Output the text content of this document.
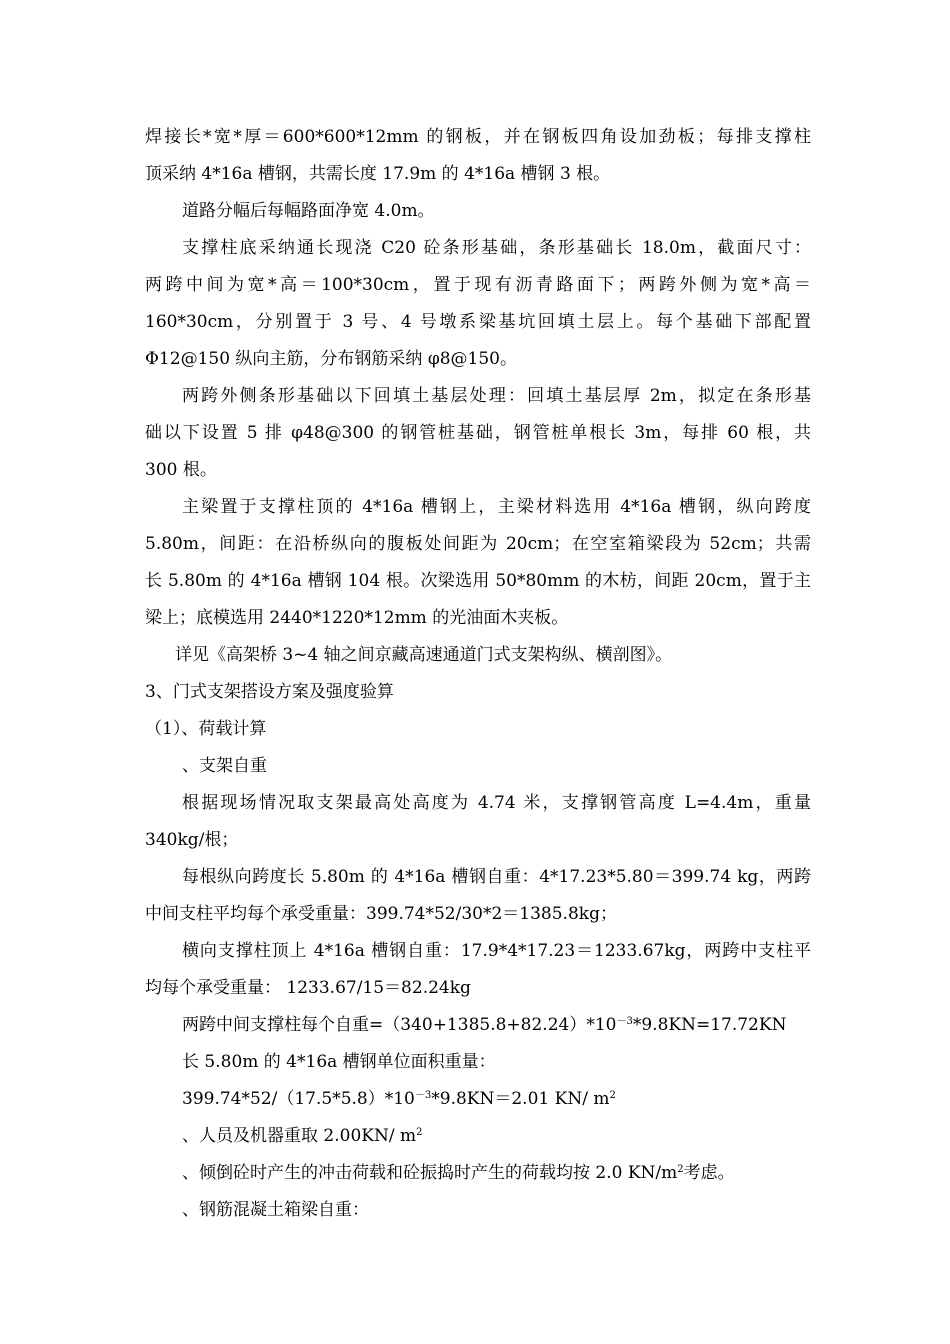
焊接长*宽*厚＝600*600*12mm 的钢板，并在钢板四角设加劲板；每排支撑柱
顶采纳 4*16a 槽钢，共需长度 17.9m 的 4*16a 槽钢 3 根。
道路分幅后每幅路面净宽 4.0m。
支撑柱底采纳通长现浇 C20 砼条形基础，条形基础长 18.0m，截面尺寸：
两跨中间为宽*高＝100*30cm，置于现有沥青路面下；两跨外侧为宽*高＝
160*30cm，分别置于 3 号、4 号墩系梁基坑回填土层上。每个基础下部配置
Φ12@150 纵向主筋，分布钢筋采纳 φ8@150。
两跨外侧条形基础以下回填土基层处理：回填土基层厚 2m，拟定在条形基
础以下设置 5 排 φ48@300 的钢管桩基础，钢管桩单根长 3m，每排 60 根，共
300 根。
主梁置于支撑柱顶的 4*16a 槽钢上，主梁材料选用 4*16a 槽钢，纵向跨度
5.80m，间距：在沿桥纵向的腹板处间距为 20cm；在空室箱梁段为 52cm；共需
长 5.80m 的 4*16a 槽钢 104 根。次梁选用 50*80mm 的木枋，间距 20cm，置于主
梁上；底模选用 2440*1220*12mm 的光油面木夹板。
详见《高架桥 3~4 轴之间京藏高速通道门式支架构纵、横剖图》。
3、门式支架搭设方案及强度验算
（1）、荷载计算
、支架自重
根据现场情况取支架最高处高度为 4.74 米，支撑钢管高度 L=4.4m，重量
340kg/根；
每根纵向跨度长 5.80m 的 4*16a 槽钢自重：4*17.23*5.80＝399.74 kg，两跨
中间支柱平均每个承受重量：399.74*52/30*2＝1385.8kg；
横向支撑柱顶上 4*16a 槽钢自重：17.9*4*17.23＝1233.67kg，两跨中支柱平
均每个承受重量： 1233.67/15＝82.24kg
两跨中间支撑柱每个自重$=(340+1385.8+82.24)*10^{-3}*9.8KN=17.72KN$
长 5.80m 的 4*16a 槽钢单位面积重量：
$399.74*52/(17.5*5.8)*10^{-3}*9.8KN=2.01$ KN/ $m^2$
、人员及机器重取 2.00KN/ $m^2$
、倾倒砼时产生的冲击荷载和砼振捣时产生的荷载均按 2.0 $KN/m^2$考虑。
、钢筋混凝土箱梁自重：
